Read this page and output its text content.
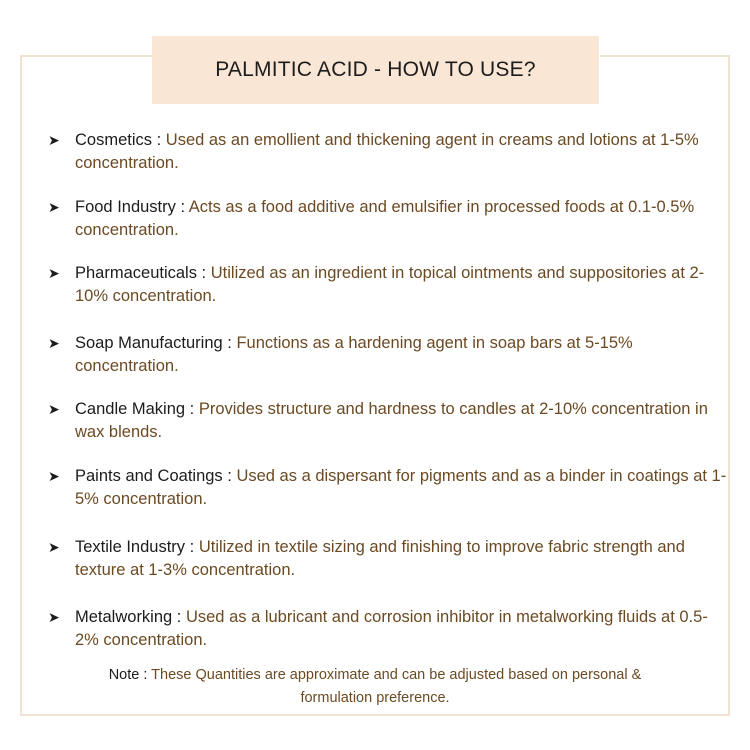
PALMITIC ACID - HOW TO USE?
➤ Cosmetics : Used as an emollient and thickening agent in creams and lotions at 1-5% concentration.
➤ Food Industry : Acts as a food additive and emulsifier in processed foods at 0.1-0.5% concentration.
➤ Pharmaceuticals : Utilized as an ingredient in topical ointments and suppositories at 2-10% concentration.
➤ Soap Manufacturing : Functions as a hardening agent in soap bars at 5-15% concentration.
➤ Candle Making : Provides structure and hardness to candles at 2-10% concentration in wax blends.
➤ Paints and Coatings : Used as a dispersant for pigments and as a binder in coatings at 1-5% concentration.
➤ Textile Industry : Utilized in textile sizing and finishing to improve fabric strength and texture at 1-3% concentration.
➤ Metalworking : Used as a lubricant and corrosion inhibitor in metalworking fluids at 0.5-2% concentration.
Note : These Quantities are approximate and can be adjusted based on personal & formulation preference.
